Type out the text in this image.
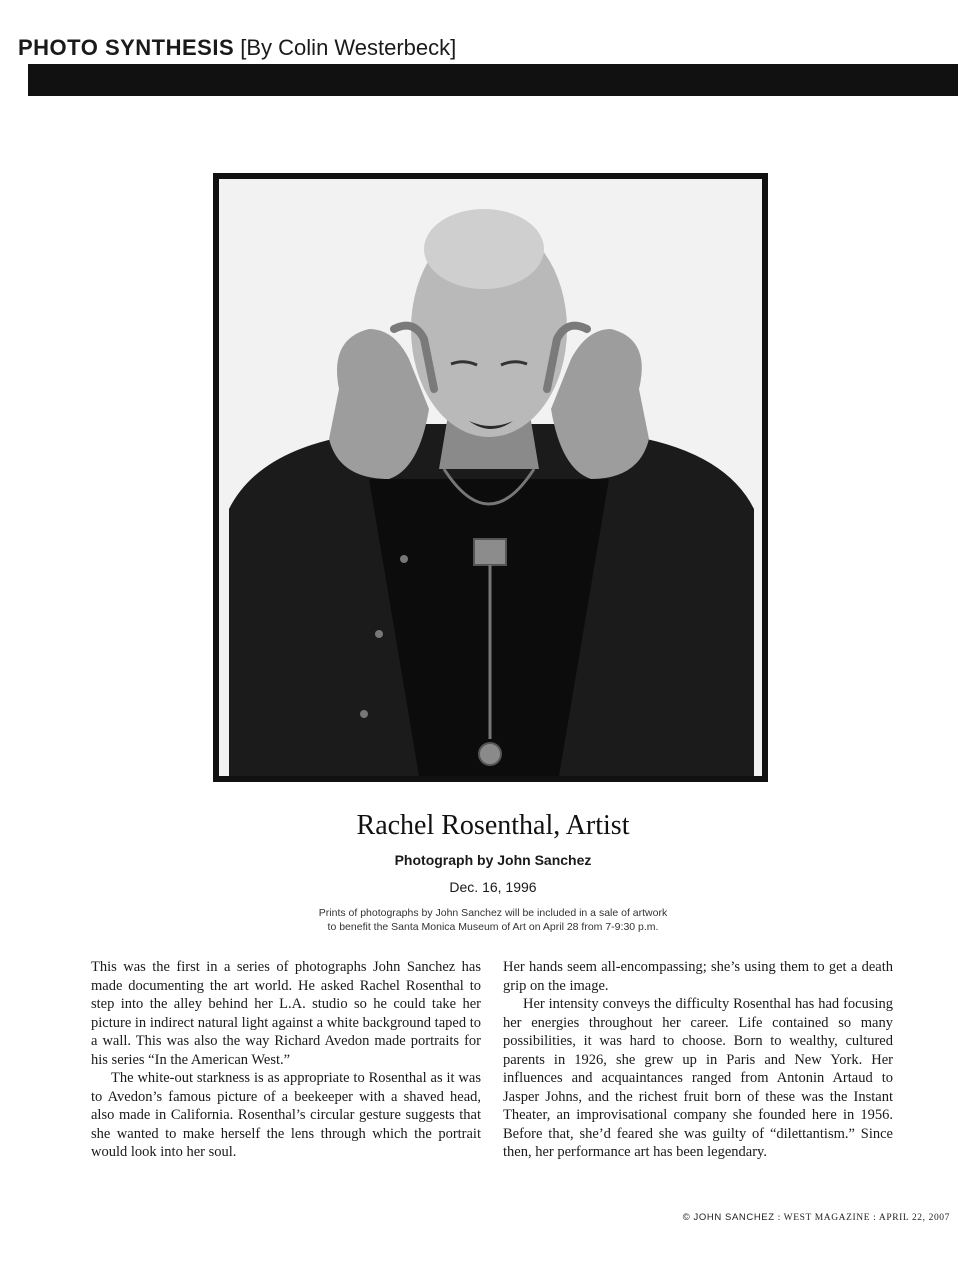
PHOTO SYNTHESIS [By Colin Westerbeck]
Rachel Rosenthal, Artist
Photograph by John Sanchez
Dec. 16, 1996
Prints of photographs by John Sanchez will be included in a sale of artwork
to benefit the Santa Monica Museum of Art on April 28 from 7-9:30 p.m.

This was the first in a series of photographs John Sanchez has made documenting the art world. He asked Rachel Rosenthal to step into the alley behind her L.A. studio so he could take her picture in indirect natural light against a white background taped to a wall. This was also the way Richard Avedon made portraits for his series “In the American West.”

The white-out starkness is as appropriate to Rosenthal as it was to Avedon’s famous picture of a beekeeper with a shaved head, also made in California. Rosenthal’s circular gesture suggests that she wanted to make herself the lens through which the portrait would look into her soul.

Her hands seem all-encompassing; she’s using them to get a death grip on the image.

Her intensity conveys the difficulty Rosenthal has had focusing her energies throughout her career. Life contained so many possibilities, it was hard to choose. Born to wealthy, cultured parents in 1926, she grew up in Paris and New York. Her influences and acquaintances ranged from Antonin Artaud to Jasper Johns, and the richest fruit born of these was the Instant Theater, an improvisational company she founded here in 1956. Before that, she’d feared she was guilty of “dilettantism.” Since then, her performance art has been legendary.

© JOHN SANCHEZ : WEST MAGAZINE : APRIL 22, 2007
